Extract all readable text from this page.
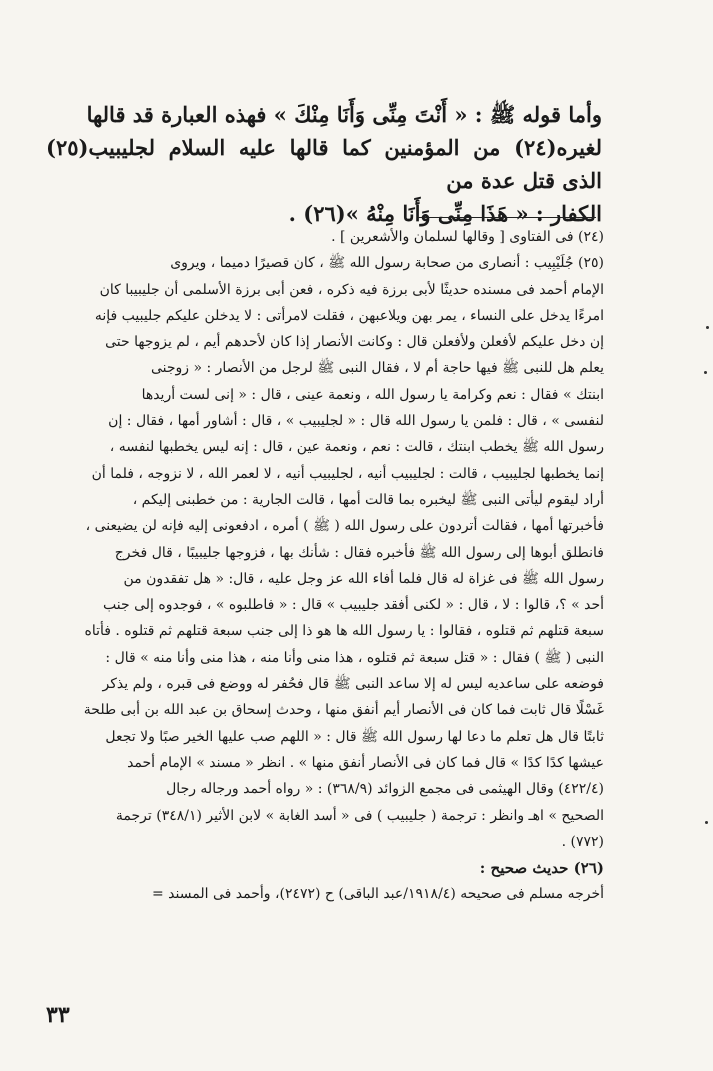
وأما قوله ﷺ : « أَنْتَ مِنِّى وَأَنَا مِنْكَ » فهذه العبارة قد قالها

لغيره(٢٤) من المؤمنين كما قالها عليه السلام لجليبيب(٢٥) الذى قتل عدة من

الكفار : « هَذَا مِنِّى وَأَنَا مِنْهُ »(٢٦) .

(٢٤) فى الفتاوى [ وقالها لسلمان والأشعرين ] .

(٢٥) جُلَيْبِيب : أنصارى من صحابة رسول الله ﷺ ، كان قصيرًا دميما ، ويروى

الإمام أحمد فى مسنده حديثًا لأبى برزة فيه ذكره ، فعن أبى برزة الأسلمى أن جليبيبا كان

امرءًا يدخل على النساء ، يمر بهن ويلاعبهن ، فقلت لامرأتى : لا يدخلن عليكم جليبيب فإنه

إن دخل عليكم لأفعلن ولأفعلن قال : وكانت الأنصار إذا كان لأحدهم أيم ، لم يزوجها حتى

يعلم هل للنبى ﷺ فيها حاجة أم لا ، فقال النبى ﷺ لرجل من الأنصار : « زوجنى

ابنتك » فقال : نعم وكرامة يا رسول الله ، ونعمة عينى ، قال : « إنى لست أريدها

لنفسى » ، قال : فلمن يا رسول الله قال : « لجليبيب » ، قال : أشاور أمها ، فقال : إن

رسول الله ﷺ يخطب ابنتك ، قالت : نعم ، ونعمة عين ، قال : إنه ليس يخطبها لنفسه ،

إنما يخطبها لجليبيب ، قالت : لجليبيب أنيه ، لجليبيب أنيه ، لا لعمر الله ، لا نزوجه ، فلما أن

أراد ليقوم ليأتى النبى ﷺ ليخبره بما قالت أمها ، قالت الجارية : من خطبنى إليكم ،

فأخبرتها أمها ، فقالت أتردون على رسول الله ( ﷺ ) أمره ، ادفعونى إليه فإنه لن يضيعنى ،

فانطلق أبوها إلى رسول الله ﷺ فأخبره فقال : شأنك بها ، فزوجها جليبيبًا ، قال فخرج

رسول الله ﷺ فى غزاة له قال فلما أفاء الله عز وجل عليه ، قال: « هل تفقدون من

أحد » ؟، قالوا : لا ، قال : « لكنى أفقد جليبيب » قال : « فاطلبوه » ، فوجدوه إلى جنب

سبعة قتلهم ثم قتلوه ، فقالوا : يا رسول الله ها هو ذا إلى جنب سبعة قتلهم ثم قتلوه . فأتاه

النبى ( ﷺ ) فقال : « قتل سبعة ثم قتلوه ، هذا منى وأنا منه ، هذا منى وأنا منه » قال :

فوضعه على ساعديه ليس له إلا ساعد النبى ﷺ قال فحُفر له ووضع فى قبره ، ولم يذكر

غَسْلًا قال ثابت فما كان فى الأنصار أيم أنفق منها ، وحدث إسحاق بن عبد الله بن أبى طلحة

ثابتًا قال هل تعلم ما دعا لها رسول الله ﷺ قال : « اللهم صب عليها الخير صبًا ولا تجعل

عيشها كدًا كدًا » قال فما كان فى الأنصار أنفق منها » . انظر « مسند » الإمام أحمد

(٤٢٢/٤) وقال الهيثمى فى مجمع الزوائد (٣٦٨/٩) : « رواه أحمد ورجاله رجال

الصحيح » اهـ وانظر : ترجمة ( جليبيب ) فى « أسد الغابة » لابن الأثير (٣٤٨/١) ترجمة

(٧٧٢) .

(٢٦) حديث صحيح :

أخرجه مسلم فى صحيحه (١٩١٨/٤/عبد الباقى) ح (٢٤٧٢)، وأحمد فى المسند =

٣٣
